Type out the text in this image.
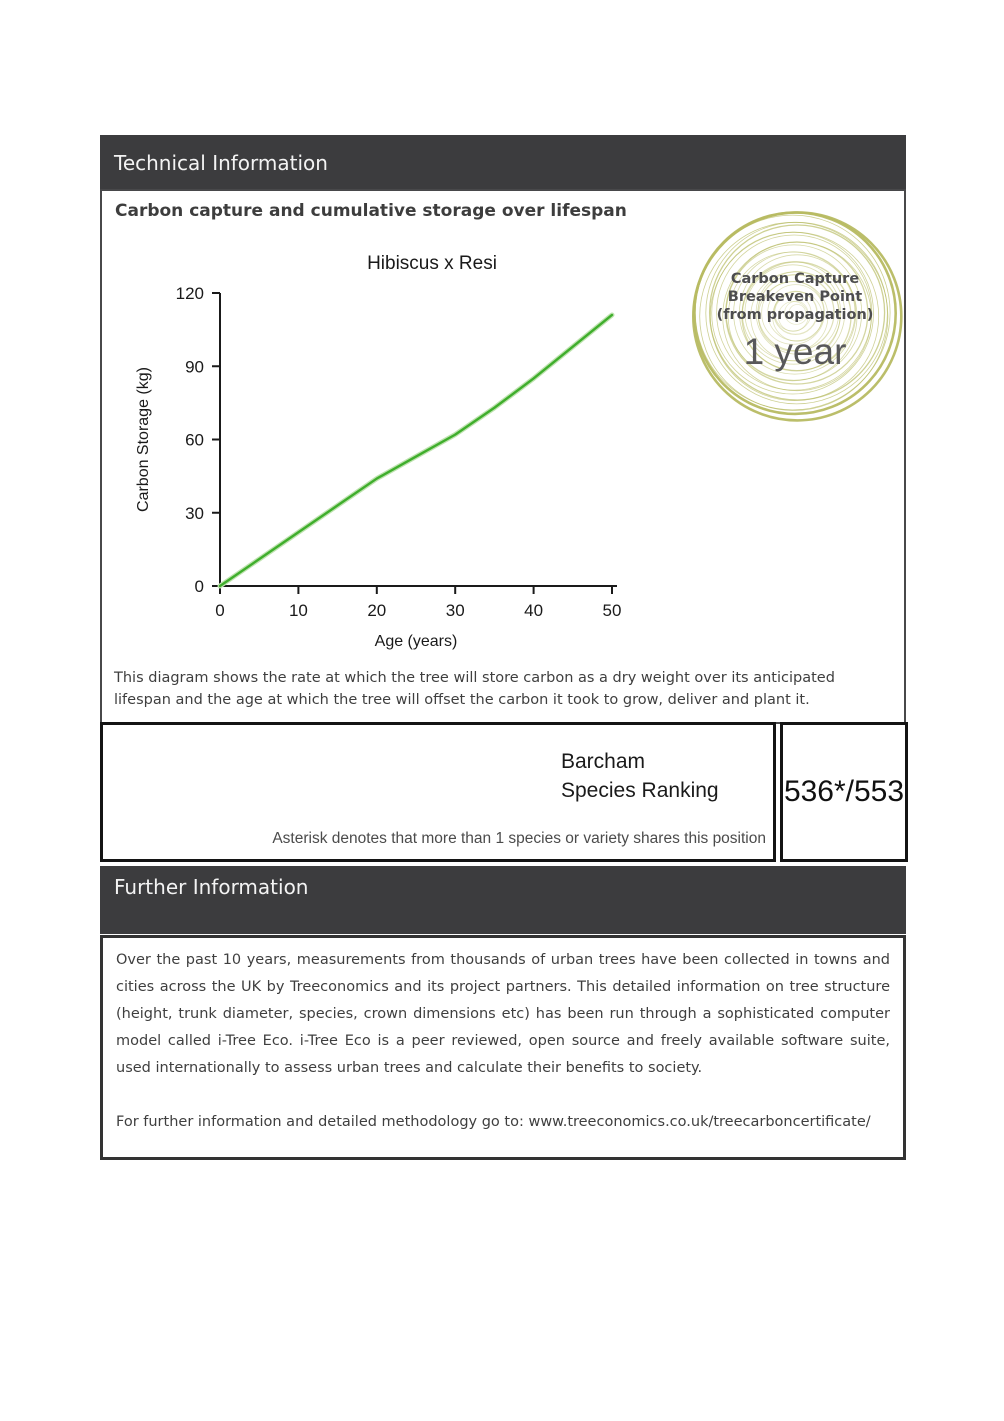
Technical Information
Carbon capture and cumulative storage over lifespan
0	10	20	30	40	50
0
30
60
90
120
Hibiscus x Resi
Age (years)
Carbon Storage (kg)
Carbon Capture
Breakeven Point
(from propagation)
1 year

This diagram shows the rate at which the tree will store carbon as a dry weight over its anticipated lifespan and the age at which the tree will offset the carbon it took to grow, deliver and plant it.

Barcham
Species Ranking
Asterisk denotes that more than 1 species or variety shares this position
536*/553
Further Information

Over the past 10 years, measurements from thousands of urban trees have been collected in towns and cities across the UK by Treeconomics and its project partners. This detailed information on tree structure (height, trunk diameter, species, crown dimensions etc) has been run through a sophisticated computer model called i-Tree Eco. i-Tree Eco is a peer reviewed, open source and freely available software suite, used internationally to assess urban trees and calculate their benefits to society.

For further information and detailed methodology go to: www.treeconomics.co.uk/treecarboncertificate/
